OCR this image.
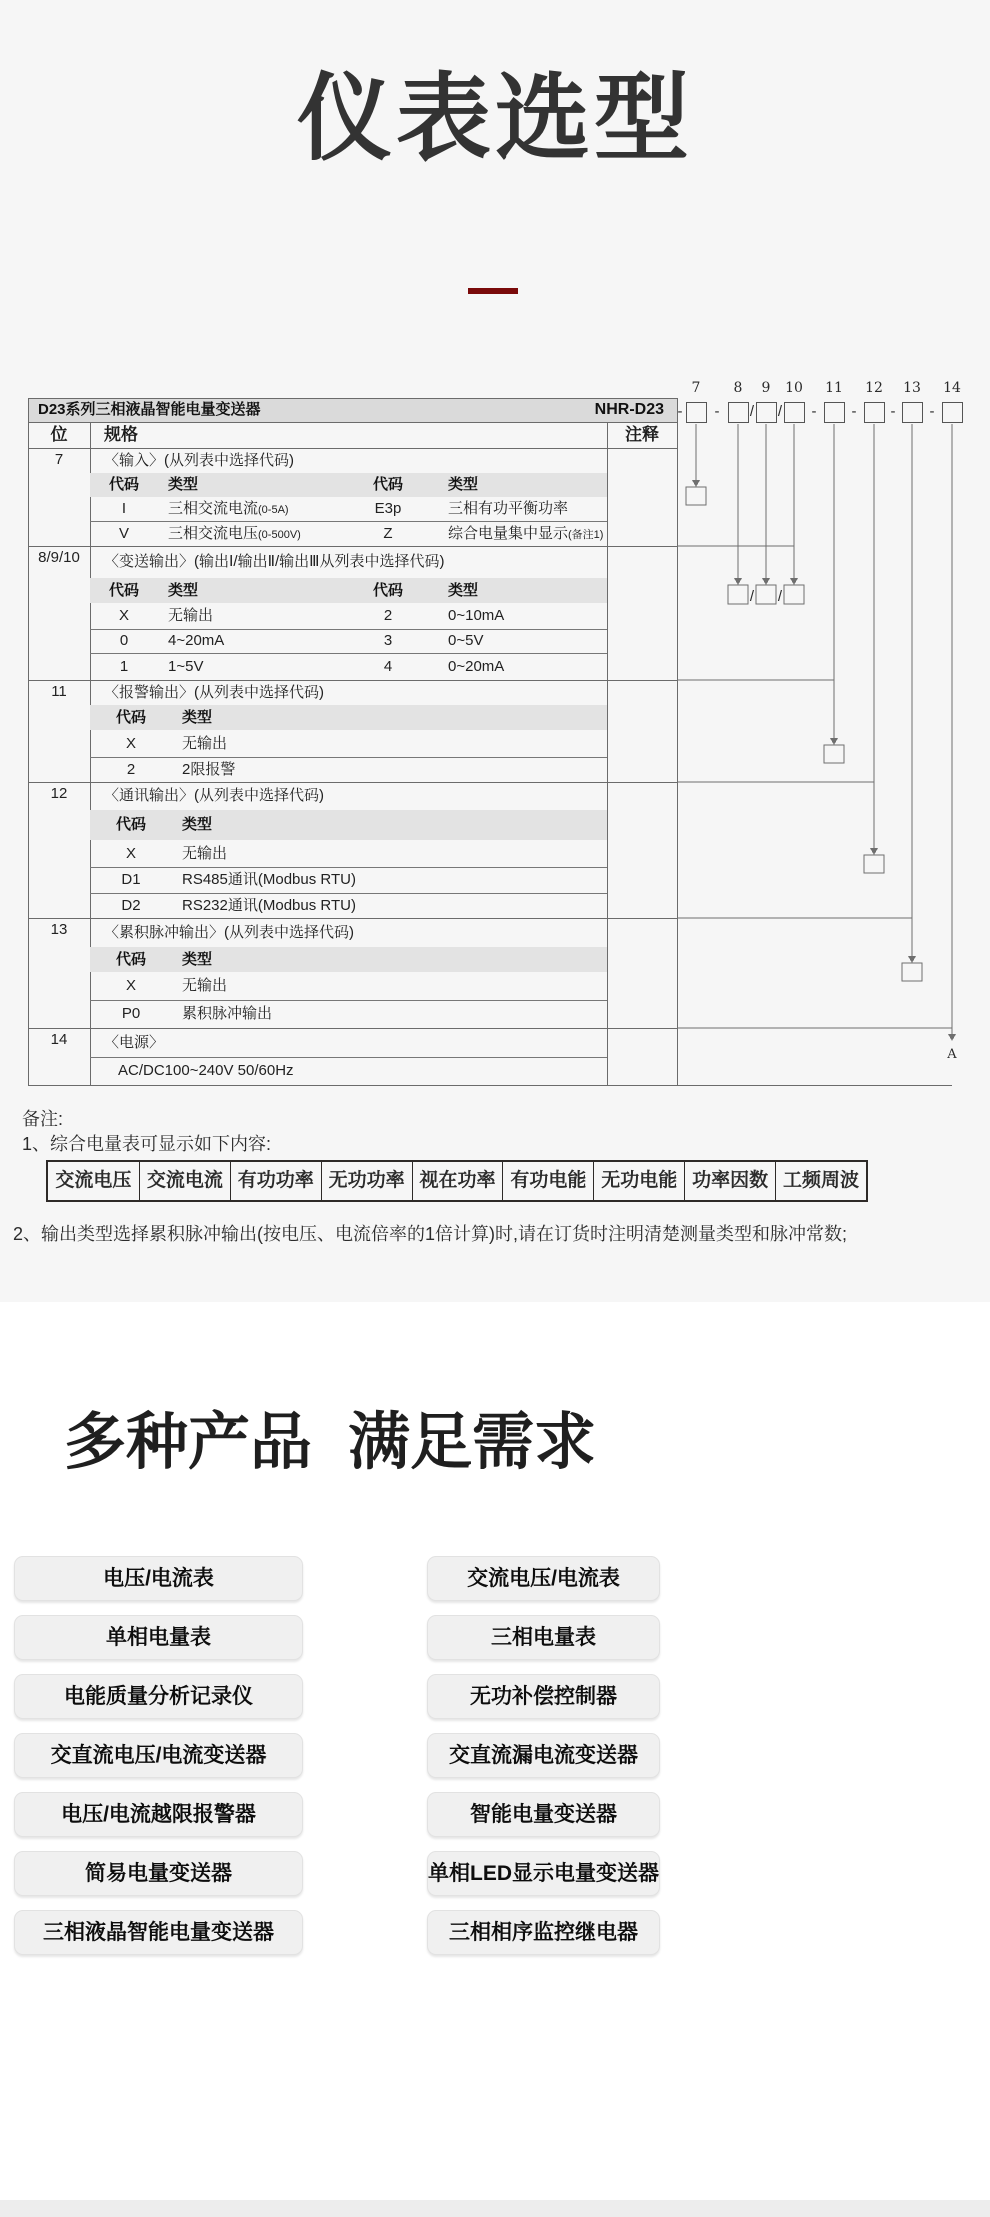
仪表选型
7 8 9 10 11 12 13 14
D23系列三相液晶智能电量变送器	NHR-D23 - - / / - - - -
位	规格	注释
7	〈输入〉(从列表中选择代码)
代码	类型	代码	类型
I	三相交流电流(0-5A)	E3p	三相有功平衡功率
V	三相交流电压(0-500V)	Z	综合电量集中显示(备注1)
8/9/10	〈变送输出〉(输出Ⅰ/输出Ⅱ/输出Ⅲ从列表中选择代码)
代码	类型	代码	类型
X	无输出	2	0~10mA
0	4~20mA	3	0~5V
1	1~5V	4	0~20mA
11	〈报警输出〉(从列表中选择代码)
代码	类型
X	无输出
2	2限报警
12	〈通讯输出〉(从列表中选择代码)
代码	类型
X	无输出
D1	RS485通讯(Modbus RTU)
D2	RS232通讯(Modbus RTU)
13	〈累积脉冲输出〉(从列表中选择代码)
代码	类型
X	无输出
P0	累积脉冲输出
14	〈电源〉
AC/DC100~240V 50/60Hz
/ /
A
备注:
1、综合电量表可显示如下内容:
交流电压 交流电流 有功功率 无功功率 视在功率 有功电能 无功电能 功率因数 工频周波
2、输出类型选择累积脉冲输出(按电压、电流倍率的1倍计算)时,请在订货时注明清楚测量类型和脉冲常数;
多种产品 满足需求
电压/电流表
单相电量表
电能质量分析记录仪
交直流电压/电流变送器
电压/电流越限报警器
简易电量变送器
三相液晶智能电量变送器
交流电压/电流表
三相电量表
无功补偿控制器
交直流漏电流变送器
智能电量变送器
单相LED显示电量变送器
三相相序监控继电器
